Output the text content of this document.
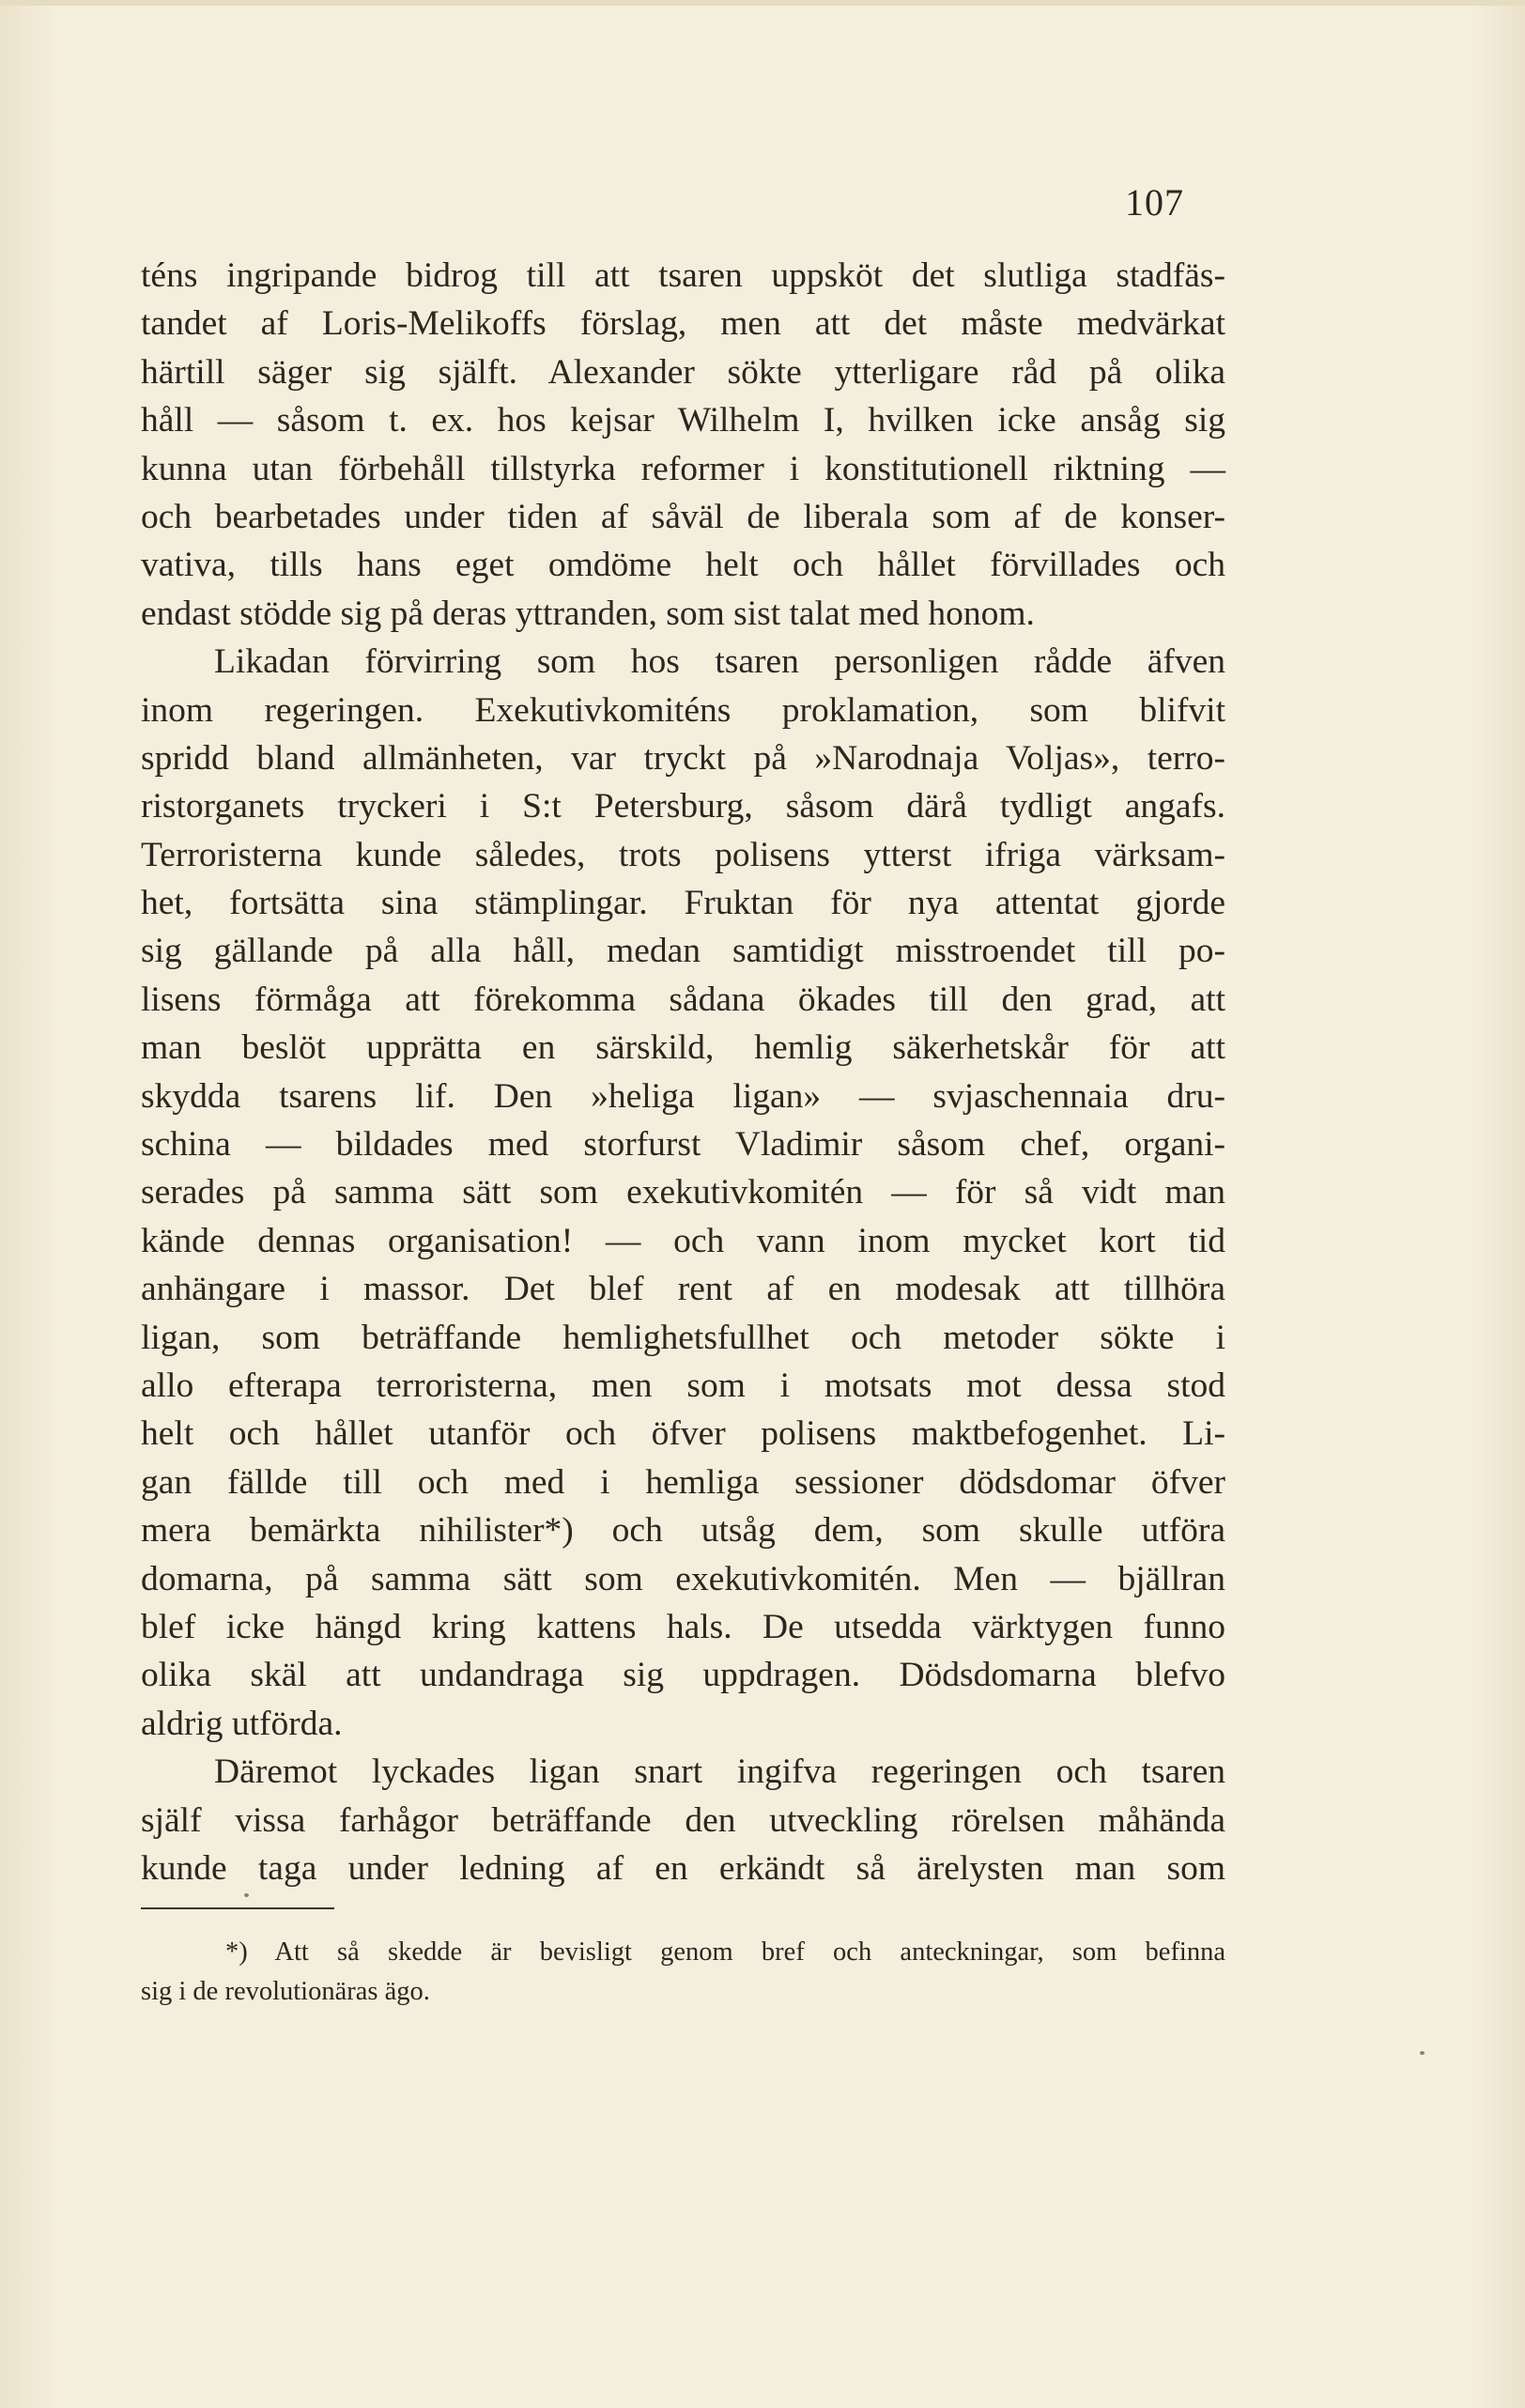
107
téns ingripande bidrog till att tsaren uppsköt det slutliga stadfäs-
tandet af Loris-Melikoffs förslag, men att det måste medvärkat
härtill säger sig själft. Alexander sökte ytterligare råd på olika
håll — såsom t. ex. hos kejsar Wilhelm I, hvilken icke ansåg sig
kunna utan förbehåll tillstyrka reformer i konstitutionell riktning —
och bearbetades under tiden af såväl de liberala som af de konser-
vativa, tills hans eget omdöme helt och hållet förvillades och
endast stödde sig på deras yttranden, som sist talat med honom.
Likadan förvirring som hos tsaren personligen rådde äfven
inom regeringen. Exekutivkomiténs proklamation, som blifvit
spridd bland allmänheten, var tryckt på »Narodnaja Voljas», terro-
ristorganets tryckeri i S:t Petersburg, såsom därå tydligt angafs.
Terroristerna kunde således, trots polisens ytterst ifriga värksam-
het, fortsätta sina stämplingar. Fruktan för nya attentat gjorde
sig gällande på alla håll, medan samtidigt misstroendet till po-
lisens förmåga att förekomma sådana ökades till den grad, att
man beslöt upprätta en särskild, hemlig säkerhetskår för att
skydda tsarens lif. Den »heliga ligan» — svjaschennaia dru-
schina — bildades med storfurst Vladimir såsom chef, organi-
serades på samma sätt som exekutivkomitén — för så vidt man
kände dennas organisation! — och vann inom mycket kort tid
anhängare i massor. Det blef rent af en modesak att tillhöra
ligan, som beträffande hemlighetsfullhet och metoder sökte i
allo efterapa terroristerna, men som i motsats mot dessa stod
helt och hållet utanför och öfver polisens maktbefogenhet. Li-
gan fällde till och med i hemliga sessioner dödsdomar öfver
mera bemärkta nihilister*) och utsåg dem, som skulle utföra
domarna, på samma sätt som exekutivkomitén. Men — bjällran
blef icke hängd kring kattens hals. De utsedda värktygen funno
olika skäl att undandraga sig uppdragen. Dödsdomarna blefvo
aldrig utförda.
Däremot lyckades ligan snart ingifva regeringen och tsaren
själf vissa farhågor beträffande den utveckling rörelsen måhända
kunde taga under ledning af en erkändt så ärelysten man som
*) Att så skedde är bevisligt genom bref och anteckningar, som befinna
sig i de revolutionäras ägo.
